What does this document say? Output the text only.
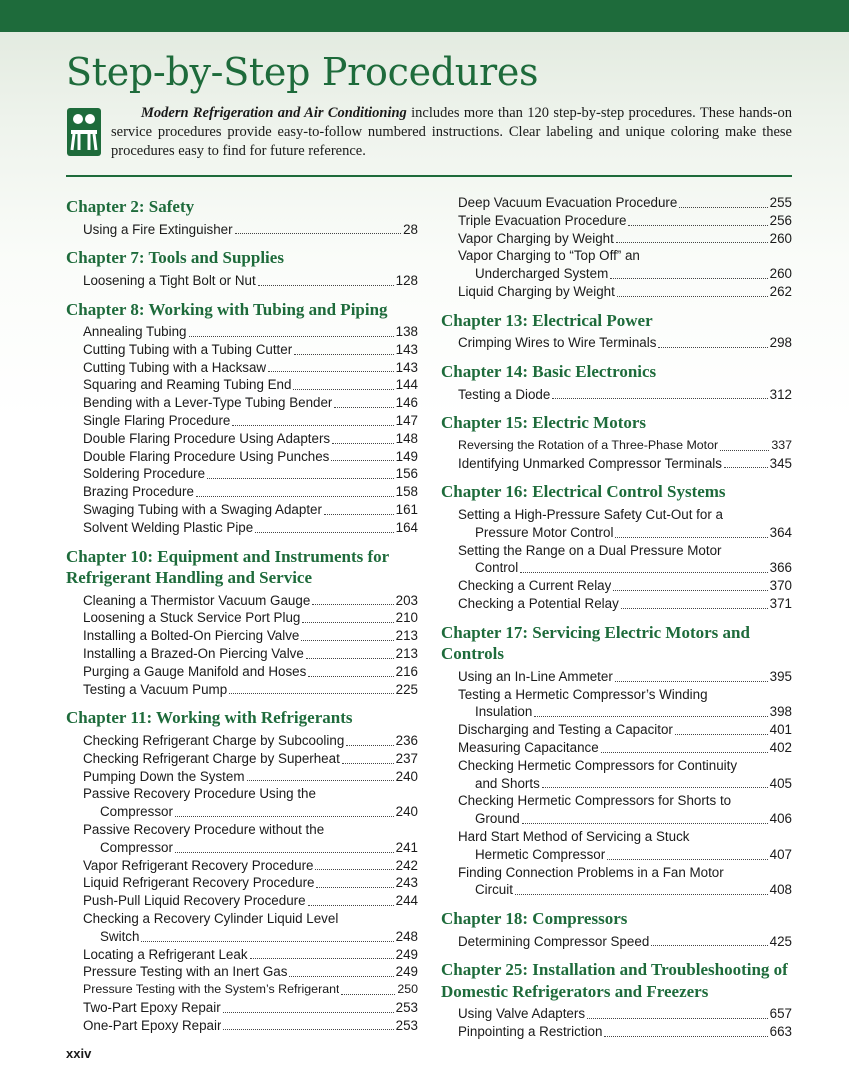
Step-by-Step Procedures

Modern Refrigeration and Air Conditioning includes more than 120 step-by-step procedures. These hands-on service procedures provide easy-to-follow numbered instructions. Clear labeling and unique coloring make these procedures easy to find for future reference.

Chapter 2: Safety
Using a Fire Extinguisher	28
Chapter 7: Tools and Supplies
Loosening a Tight Bolt or Nut	128
Chapter 8: Working with Tubing and Piping
Annealing Tubing	138
Cutting Tubing with a Tubing Cutter	143
Cutting Tubing with a Hacksaw	143
Squaring and Reaming Tubing End	144
Bending with a Lever-Type Tubing Bender	146
Single Flaring Procedure	147
Double Flaring Procedure Using Adapters	148
Double Flaring Procedure Using Punches	149
Soldering Procedure	156
Brazing Procedure	158
Swaging Tubing with a Swaging Adapter	161
Solvent Welding Plastic Pipe	164
Chapter 10: Equipment and Instruments for Refrigerant Handling and Service
Cleaning a Thermistor Vacuum Gauge	203
Loosening a Stuck Service Port Plug	210
Installing a Bolted-On Piercing Valve	213
Installing a Brazed-On Piercing Valve	213
Purging a Gauge Manifold and Hoses	216
Testing a Vacuum Pump	225
Chapter 11: Working with Refrigerants
Checking Refrigerant Charge by Subcooling	236
Checking Refrigerant Charge by Superheat	237
Pumping Down the System	240
Passive Recovery Procedure Using the
Compressor	240
Passive Recovery Procedure without the
Compressor	241
Vapor Refrigerant Recovery Procedure	242
Liquid Refrigerant Recovery Procedure	243
Push-Pull Liquid Recovery Procedure	244
Checking a Recovery Cylinder Liquid Level
Switch	248
Locating a Refrigerant Leak	249
Pressure Testing with an Inert Gas	249
Pressure Testing with the System’s Refrigerant	250
Two-Part Epoxy Repair	253
One-Part Epoxy Repair	253
Deep Vacuum Evacuation Procedure	255
Triple Evacuation Procedure	256
Vapor Charging by Weight	260
Vapor Charging to “Top Off” an
Undercharged System	260
Liquid Charging by Weight	262
Chapter 13: Electrical Power
Crimping Wires to Wire Terminals	298
Chapter 14: Basic Electronics
Testing a Diode	312
Chapter 15: Electric Motors
Reversing the Rotation of a Three-Phase Motor	337
Identifying Unmarked Compressor Terminals	345
Chapter 16: Electrical Control Systems
Setting a High-Pressure Safety Cut-Out for a
Pressure Motor Control	364
Setting the Range on a Dual Pressure Motor
Control	366
Checking a Current Relay	370
Checking a Potential Relay	371
Chapter 17: Servicing Electric Motors and Controls
Using an In-Line Ammeter	395
Testing a Hermetic Compressor’s Winding
Insulation	398
Discharging and Testing a Capacitor	401
Measuring Capacitance	402
Checking Hermetic Compressors for Continuity
and Shorts	405
Checking Hermetic Compressors for Shorts to
Ground	406
Hard Start Method of Servicing a Stuck
Hermetic Compressor	407
Finding Connection Problems in a Fan Motor
Circuit	408
Chapter 18: Compressors
Determining Compressor Speed	425
Chapter 25: Installation and Troubleshooting of Domestic Refrigerators and Freezers
Using Valve Adapters	657
Pinpointing a Restriction	663
xxiv
